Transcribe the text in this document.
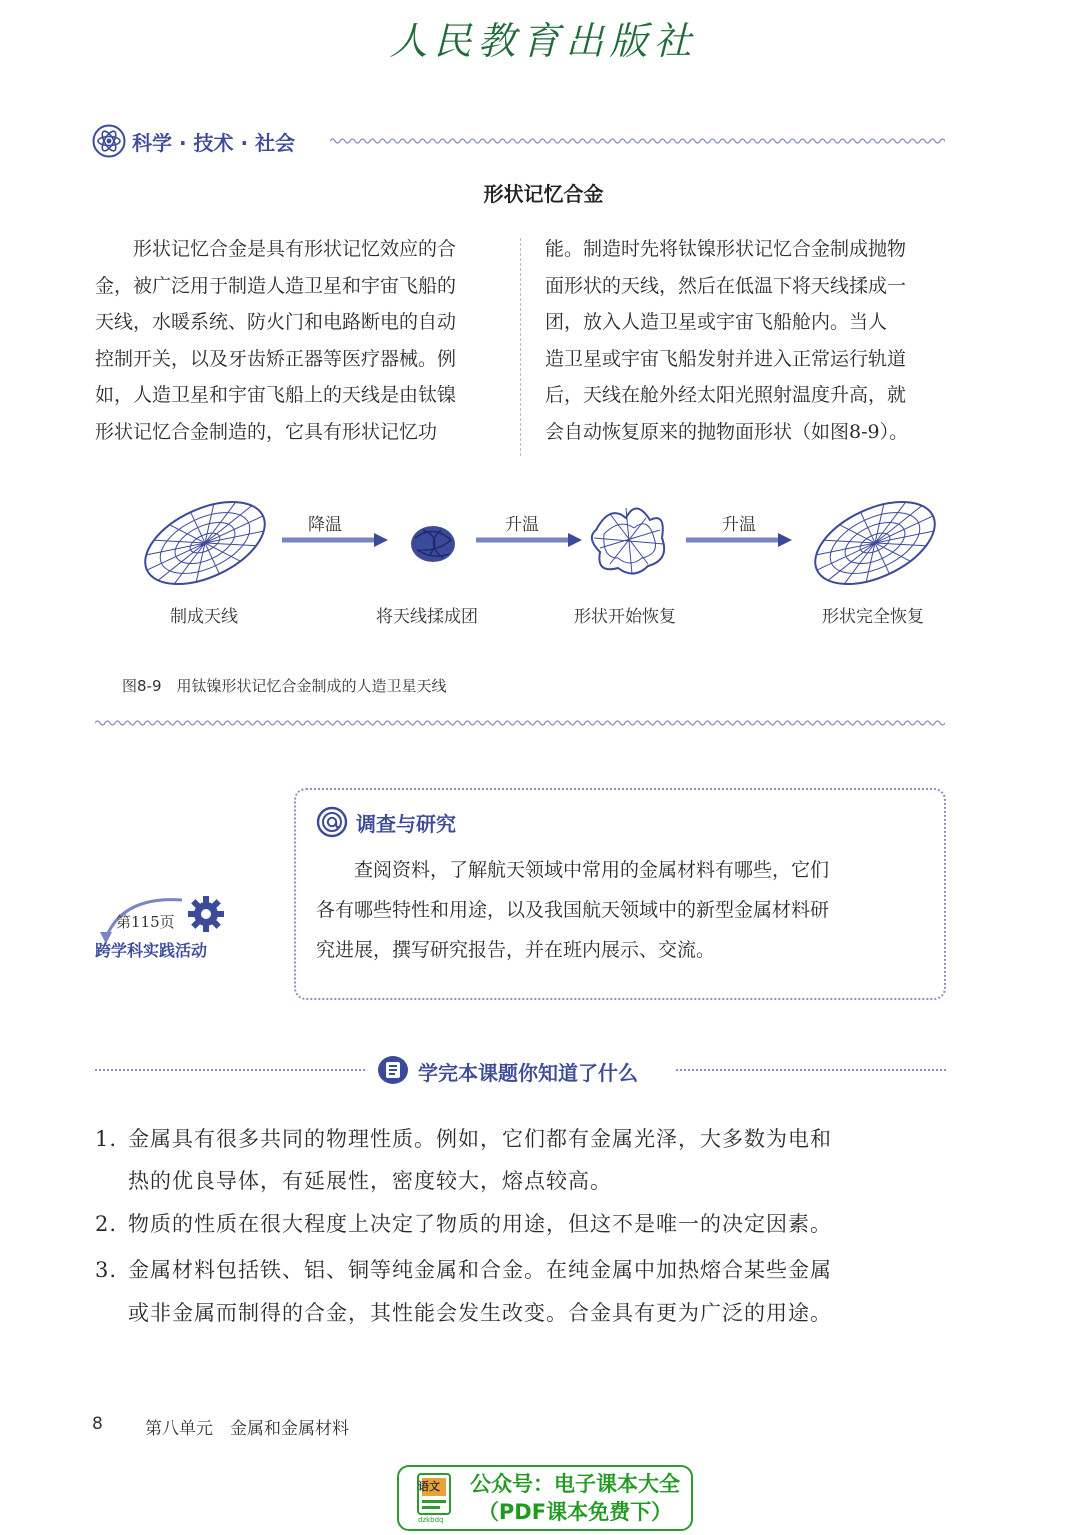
人民教育出版社
科学 · 技术 · 社会
形状记忆合金
　　形状记忆合金是具有形状记忆效应的合
金，被广泛用于制造人造卫星和宇宙飞船的
天线，水暖系统、防火门和电路断电的自动
控制开关，以及牙齿矫正器等医疗器械。例
如，人造卫星和宇宙飞船上的天线是由钛镍
形状记忆合金制造的，它具有形状记忆功
能。制造时先将钛镍形状记忆合金制成抛物
面形状的天线，然后在低温下将天线揉成一
团，放入人造卫星或宇宙飞船舱内。当人
造卫星或宇宙飞船发射并进入正常运行轨道
后，天线在舱外经太阳光照射温度升高，就
会自动恢复原来的抛物面形状（如图8-9）。
降温	升温	升温
制成天线	将天线揉成团	形状开始恢复	形状完全恢复
图8-9　用钛镍形状记忆合金制成的人造卫星天线
调查与研究
　　查阅资料，了解航天领域中常用的金属材料有哪些，它们
各有哪些特性和用途，以及我国航天领域中的新型金属材料研
究进展，撰写研究报告，并在班内展示、交流。
第115页
跨学科实践活动
学完本课题你知道了什么
1. 金属具有很多共同的物理性质。例如，它们都有金属光泽，大多数为电和
热的优良导体，有延展性，密度较大，熔点较高。
2. 物质的性质在很大程度上决定了物质的用途，但这不是唯一的决定因素。
3. 金属材料包括铁、铝、铜等纯金属和合金。在纯金属中加热熔合某些金属
或非金属而制得的合金，其性能会发生改变。合金具有更为广泛的用途。
8 第八单元　金属和金属材料
语文
dzkbdq
公众号：电子课本大全
（PDF课本免费下）
